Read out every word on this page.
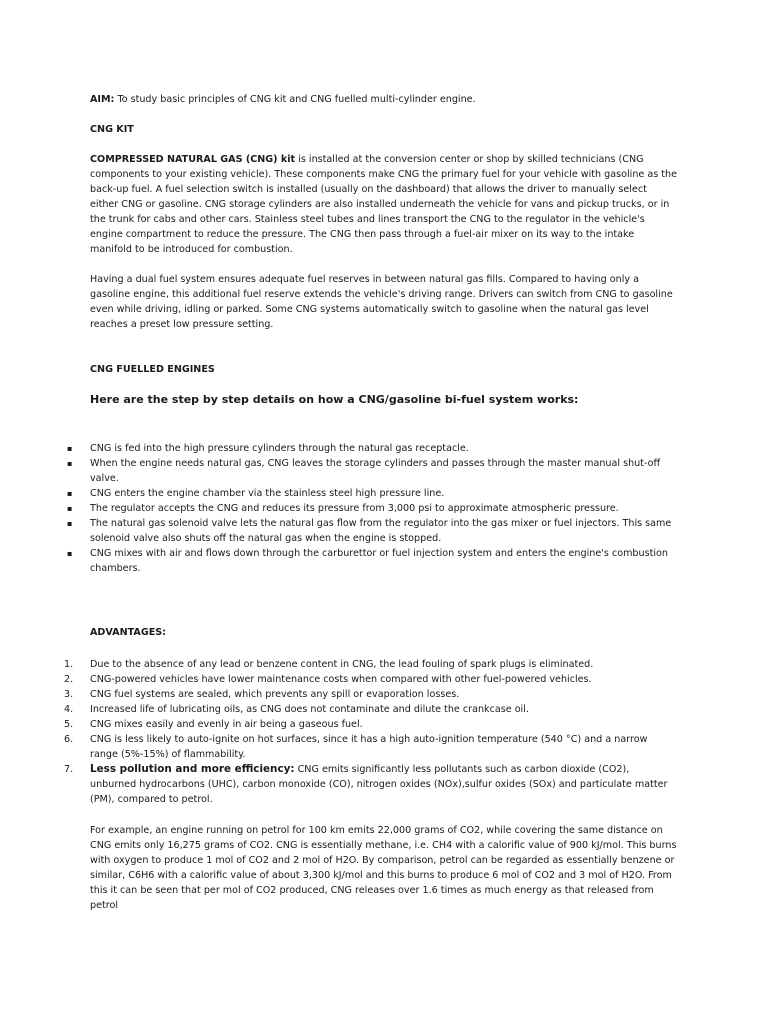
AIM: To study basic principles of CNG kit and CNG fuelled multi-cylinder engine.

CNG KIT

COMPRESSED NATURAL GAS (CNG) kit is installed at the conversion center or shop by skilled technicians (CNG components to your existing vehicle). These components make CNG the primary fuel for your vehicle with gasoline as the back-up fuel. A fuel selection switch is installed (usually on the dashboard) that allows the driver to manually select either CNG or gasoline. CNG storage cylinders are also installed underneath the vehicle for vans and pickup trucks, or in the trunk for cabs and other cars. Stainless steel tubes and lines transport the CNG to the regulator in the vehicle's engine compartment to reduce the pressure. The CNG then pass through a fuel-air mixer on its way to the intake manifold to be introduced for combustion.

Having a dual fuel system ensures adequate fuel reserves in between natural gas fills. Compared to having only a gasoline engine, this additional fuel reserve extends the vehicle's driving range. Drivers can switch from CNG to gasoline even while driving, idling or parked. Some CNG systems automatically switch to gasoline when the natural gas level reaches a preset low pressure setting.

CNG FUELLED ENGINES

Here are the step by step details on how a CNG/gasoline bi-fuel system works:

▪ CNG is fed into the high pressure cylinders through the natural gas receptacle.
▪ When the engine needs natural gas, CNG leaves the storage cylinders and passes through the master manual shut-off valve.
▪ CNG enters the engine chamber via the stainless steel high pressure line.
▪ The regulator accepts the CNG and reduces its pressure from 3,000 psi to approximate atmospheric pressure.
▪ The natural gas solenoid valve lets the natural gas flow from the regulator into the gas mixer or fuel injectors. This same solenoid valve also shuts off the natural gas when the engine is stopped.
▪ CNG mixes with air and flows down through the carburettor or fuel injection system and enters the engine's combustion chambers.

ADVANTAGES:

1. Due to the absence of any lead or benzene content in CNG, the lead fouling of spark plugs is eliminated.
2. CNG-powered vehicles have lower maintenance costs when compared with other fuel-powered vehicles.
3. CNG fuel systems are sealed, which prevents any spill or evaporation losses.
4. Increased life of lubricating oils, as CNG does not contaminate and dilute the crankcase oil.
5. CNG mixes easily and evenly in air being a gaseous fuel.
6. CNG is less likely to auto-ignite on hot surfaces, since it has a high auto-ignition temperature (540 °C) and a narrow range (5%-15%) of flammability.
7. Less pollution and more efficiency: CNG emits significantly less pollutants such as carbon dioxide (CO2), unburned hydrocarbons (UHC), carbon monoxide (CO), nitrogen oxides (NOx),sulfur oxides (SOx) and particulate matter (PM), compared to petrol.

For example, an engine running on petrol for 100 km emits 22,000 grams of CO2, while covering the same distance on CNG emits only 16,275 grams of CO2. CNG is essentially methane, i.e. CH4 with a calorific value of 900 kJ/mol. This burns with oxygen to produce 1 mol of CO2 and 2 mol of H2O. By comparison, petrol can be regarded as essentially benzene or similar, C6H6 with a calorific value of about 3,300 kJ/mol and this burns to produce 6 mol of CO2 and 3 mol of H2O. From this it can be seen that per mol of CO2 produced, CNG releases over 1.6 times as much energy as that released from petrol
